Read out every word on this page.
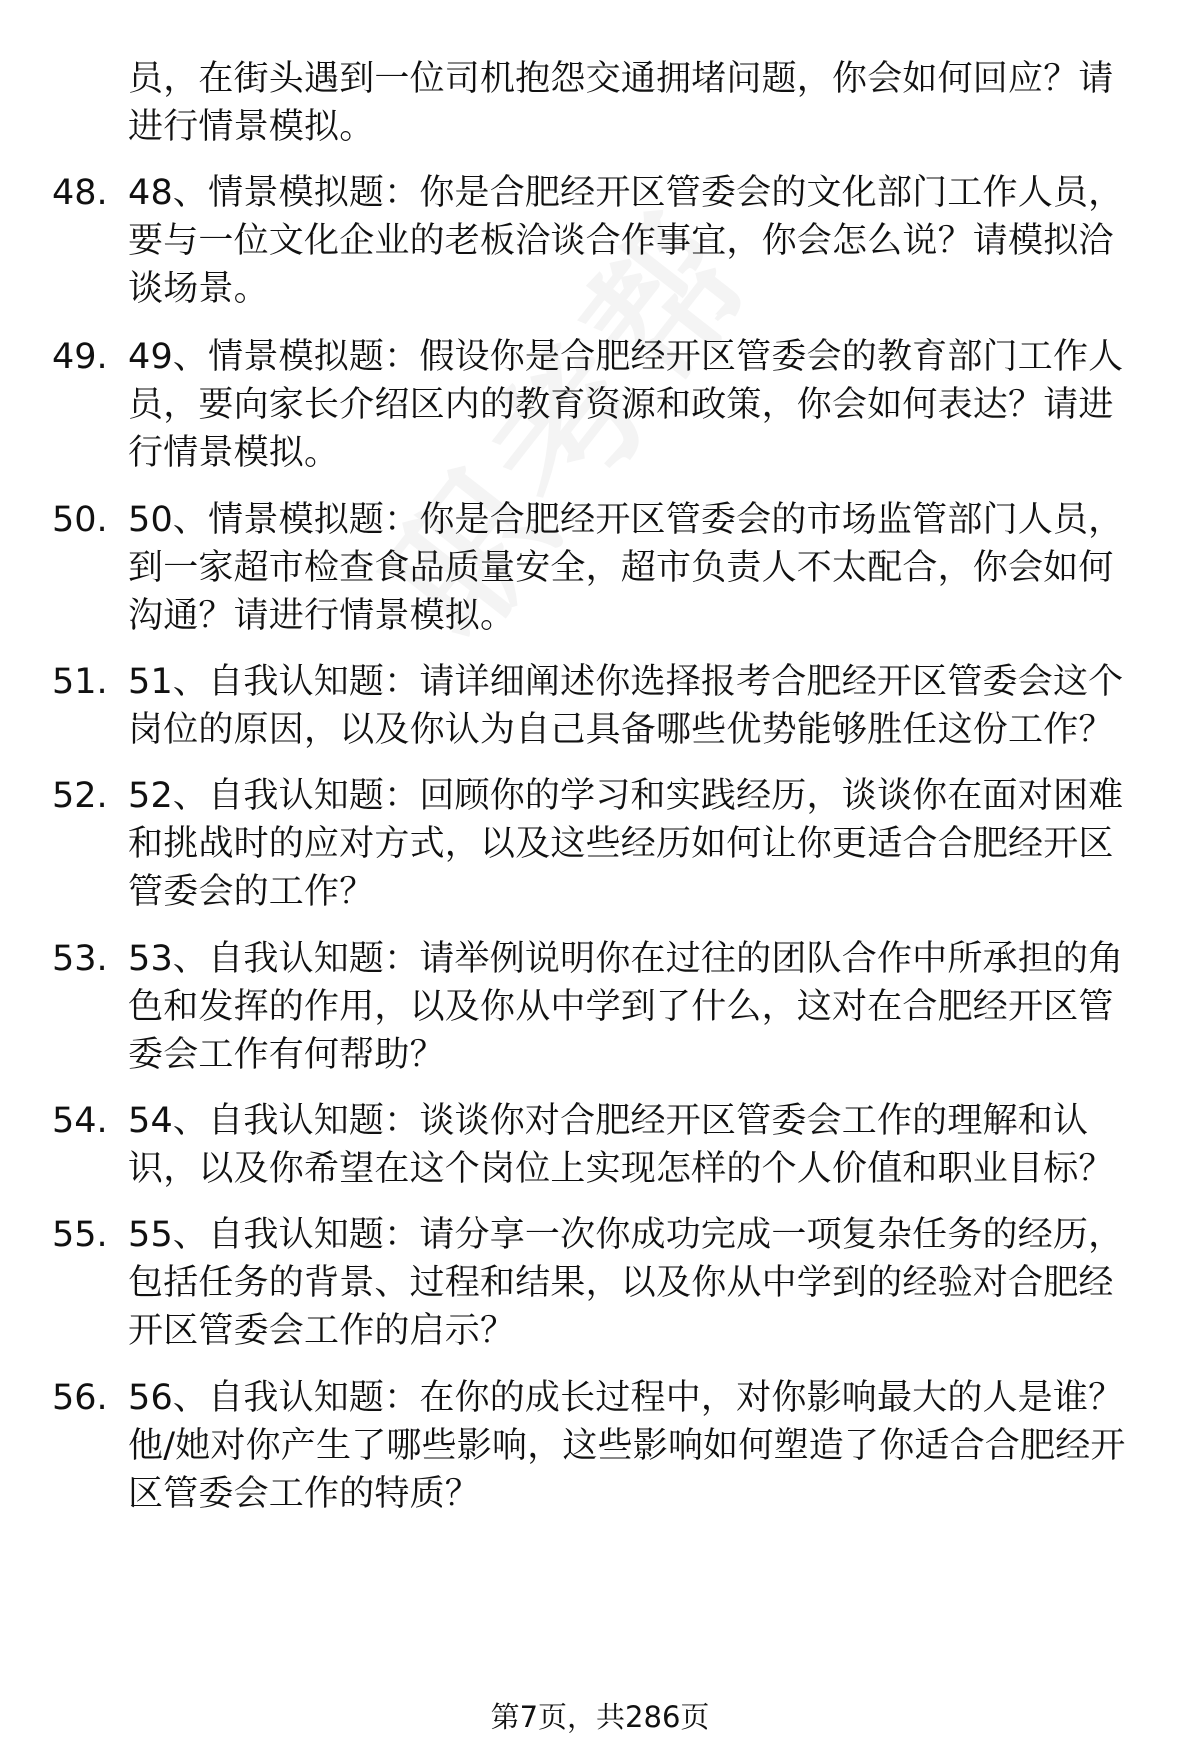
员，在街头遇到一位司机抱怨交通拥堵问题，你会如何回应？请进行情景模拟。
48. 48、情景模拟题：你是合肥经开区管委会的文化部门工作人员，要与一位文化企业的老板洽谈合作事宜，你会怎么说？请模拟洽谈场景。
49. 49、情景模拟题：假设你是合肥经开区管委会的教育部门工作人员，要向家长介绍区内的教育资源和政策，你会如何表达？请进行情景模拟。
50. 50、情景模拟题：你是合肥经开区管委会的市场监管部门人员，到一家超市检查食品质量安全，超市负责人不太配合，你会如何沟通？请进行情景模拟。
51. 51、自我认知题：请详细阐述你选择报考合肥经开区管委会这个岗位的原因，以及你认为自己具备哪些优势能够胜任这份工作？
52. 52、自我认知题：回顾你的学习和实践经历，谈谈你在面对困难和挑战时的应对方式，以及这些经历如何让你更适合合肥经开区管委会的工作？
53. 53、自我认知题：请举例说明你在过往的团队合作中所承担的角色和发挥的作用，以及你从中学到了什么，这对在合肥经开区管委会工作有何帮助？
54. 54、自我认知题：谈谈你对合肥经开区管委会工作的理解和认识，以及你希望在这个岗位上实现怎样的个人价值和职业目标？
55. 55、自我认知题：请分享一次你成功完成一项复杂任务的经历，包括任务的背景、过程和结果，以及你从中学到的经验对合肥经开区管委会工作的启示？
56. 56、自我认知题：在你的成长过程中，对你影响最大的人是谁？他/她对你产生了哪些影响，这些影响如何塑造了你适合合肥经开区管委会工作的特质？
第7页，共286页
